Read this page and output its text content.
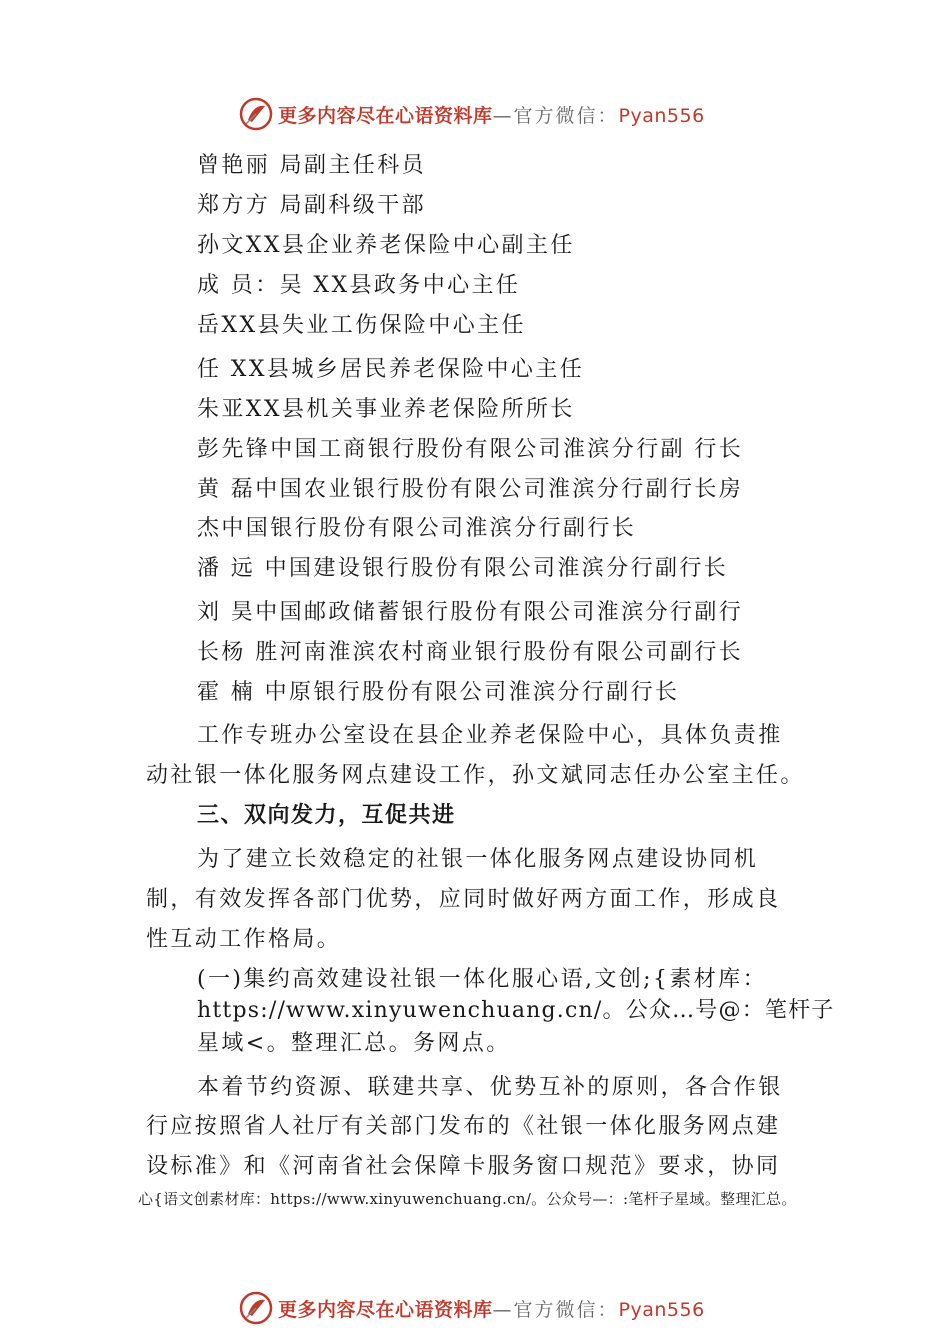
更多内容尽在心语资料库—官方微信：Pyan556
曾艳丽 局副主任科员
郑方方 局副科级干部
孙文XX县企业养老保险中心副主任
成 员：吴 XX县政务中心主任
岳XX县失业工伤保险中心主任
任 XX县城乡居民养老保险中心主任
朱亚XX县机关事业养老保险所所长
彭先锋中国工商银行股份有限公司淮滨分行副 行长
黄 磊中国农业银行股份有限公司淮滨分行副行长房
杰中国银行股份有限公司淮滨分行副行长
潘 远 中国建设银行股份有限公司淮滨分行副行长
刘 昊中国邮政储蓄银行股份有限公司淮滨分行副行
长杨 胜河南淮滨农村商业银行股份有限公司副行长
霍 楠 中原银行股份有限公司淮滨分行副行长
工作专班办公室设在县企业养老保险中心，具体负责推
动社银一体化服务网点建设工作，孙文斌同志任办公室主任。
三、双向发力，互促共进
为了建立长效稳定的社银一体化服务网点建设协同机
制，有效发挥各部门优势，应同时做好两方面工作，形成良
性互动工作格局。
(一)集约高效建设社银一体化服心语,文创;{素材库：
https://www.xinyuwenchuang.cn/。公众…号@：笔杆子
星域<。整理汇总。务网点。
本着节约资源、联建共享、优势互补的原则，各合作银
行应按照省人社厅有关部门发布的《社银一体化服务网点建
设标准》和《河南省社会保障卡服务窗口规范》要求，协同
心{语文创素材库：https://www.xinyuwenchuang.cn/。公众号—：:笔杆子星域。整理汇总。
更多内容尽在心语资料库—官方微信：Pyan556
